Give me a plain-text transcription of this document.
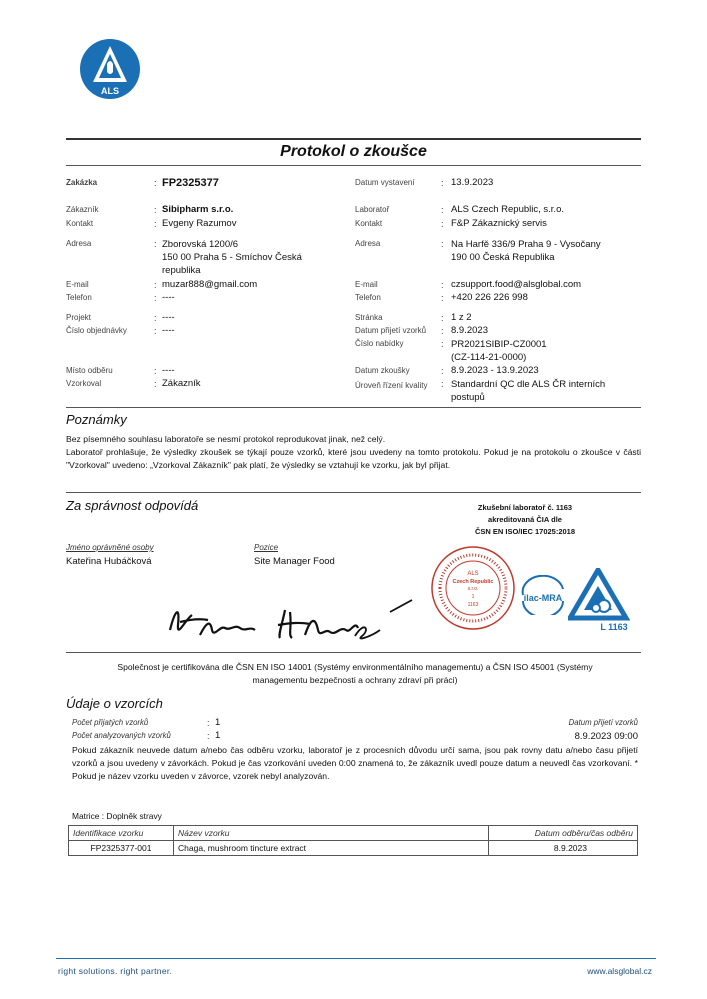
ALS
Protokol o zkoušce
Zakázka	: FP2325377
Zákazník	: Sibipharm s.r.o.
Kontakt	: Evgeny Razumov
Adresa	: Zborovská 1200/6
150 00 Praha 5 - Smíchov Česká
republika
E-mail	: muzar888@gmail.com
Telefon	: ----
Projekt	: ----
Číslo objednávky	: ----
Místo odběru	: ----
Vzorkoval	: Zákazník
Datum vystavení	: 13.9.2023
Laboratoř	: ALS Czech Republic, s.r.o.
Kontakt	: F&P Zákaznický servis
Adresa	: Na Harfě 336/9 Praha 9 - Vysočany
190 00 Česká Republika
E-mail	: czsupport.food@alsglobal.com
Telefon	: +420 226 226 998
Stránka	: 1 z 2
Datum přijetí vzorků : 8.9.2023
Číslo nabídky	: PR2021SIBIP-CZ0001
(CZ-114-21-0000)
Datum zkoušky	: 8.9.2023 - 13.9.2023
Úroveň řízení kvality	: Standardní QC dle ALS ČR interních
postupů
Poznámky
Bez písemného souhlasu laboratoře se nesmí protokol reprodukovat jinak, než celý.
Laboratoř prohlašuje, že výsledky zkoušek se týkají pouze vzorků, které jsou uvedeny na tomto protokolu. Pokud je na protokolu o zkoušce v části "Vzorkoval" uvedeno: „Vzorkoval Zákazník" pak platí, že výsledky se vztahují ke vzorku, jak byl přijat.
Za správnost odpovídá	Zkušební laboratoř č. 1163
akreditovaná ČIA dle
ČSN EN ISO/IEC 17025:2018
Jméno oprávněné osoby
Kateřina Hubáčková
Pozice
Site Manager Food
ALS
Czech Republic
s.r.o.
1
1163
ilac-MRA
L 1163
Společnost je certifikována dle ČSN EN ISO 14001 (Systémy environmentálního managementu) a ČSN ISO 45001 (Systémy managementu bezpečnosti a ochrany zdraví při práci)
Údaje o vzorcích
Počet přijatých vzorků	: 1
Počet analyzovaných vzorků	: 1
Datum přijetí vzorků
8.9.2023 09:00
Pokud zákazník neuvede datum a/nebo čas odběru vzorku, laboratoř je z procesních důvodu určí sama, jsou pak rovny datu a/nebo času přijetí vzorků a jsou uvedeny v závorkách. Pokud je čas vzorkování uveden 0:00 znamená to, že zákazník uvedl pouze datum a neuvedl čas vzorkovaní. * Pokud je název vzorku uveden v závorce, vzorek nebyl analyzován.
Matrice : Doplněk stravy
Identifikace vzorku	Název vzorku	Datum odběru/čas odběru
FP2325377-001	Chaga, mushroom tincture extract	8.9.2023
right solutions. right partner.	www.alsglobal.cz
